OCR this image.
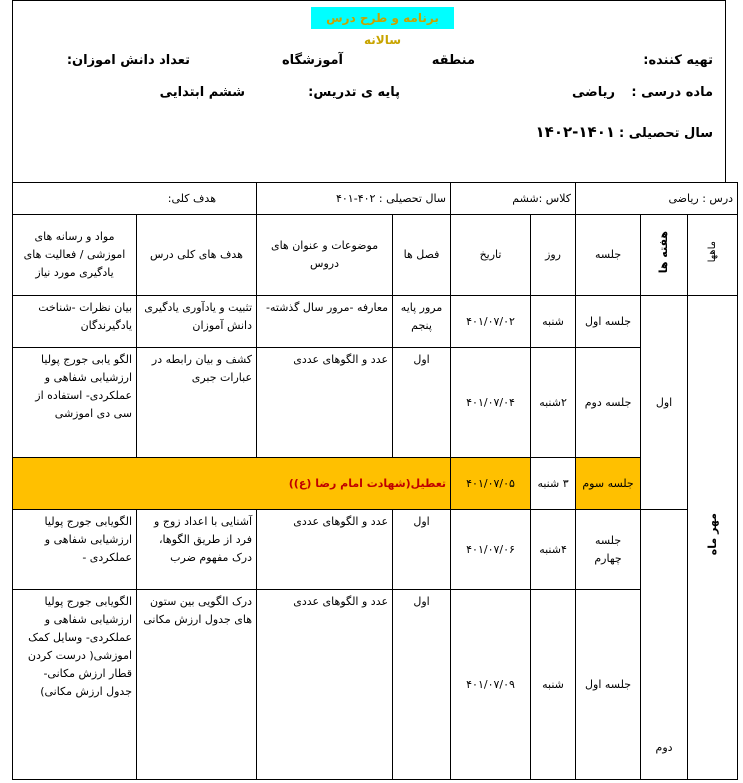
برنامه و طرح درس سالانه
تهیه کننده:
منطقه
آموزشگاه
تعداد دانش اموزان:
ماده درسی :
ریاضی
پایه ی تدریس:
ششم ابتدایی
سال تحصیلی :
۱۴۰۲-۱۴۰۱
درس : ریاضی			کلاس :ششم		سال تحصیلی : ۴۰۲-۴۰۱		هدف کلی:	
ماهها	هفته ها	جلسه	روز	تاریخ	فصل ها	موضوعات و عنوان های دروس	هدف های کلی درس	مواد و رسانه های اموزشی / فعالیت های یادگیری مورد نیاز
مهر ماه	اول	جلسه اول	شنبه	۴۰۱/۰۷/۰۲	مرور پایه پنجم	معارفه -مرور سال گذشته-	تثبیت و یادآوری یادگیری دانش آموزان	بیان نظرات -شناخت یادگیرندگان
		جلسه دوم	۲شنبه	۴۰۱/۰۷/۰۴	اول	عدد و الگوهای عددی	کشف و بیان رابطه در عبارات جبری	الگو یابی جورج پولیا ارزشیابی شفاهی و عملکردی- استفاده از سی دی اموزشی
		جلسه سوم	۳ شنبه	۴۰۱/۰۷/۰۵	تعطیل(شهادت امام رضا (ع))			
	دوم	جلسه چهارم	۴شنبه	۴۰۱/۰۷/۰۶	اول	عدد و الگوهای عددی	آشنایی با اعداد زوج و فرد از طریق الگوها، درک مفهوم ضرب	الگویابی جورج پولیا ارزشیابی شفاهی و عملکردی -
		جلسه اول	شنبه	۴۰۱/۰۷/۰۹	اول	عدد و الگوهای عددی	درک الگویی بین ستون های جدول ارزش مکانی	الگویابی جورج پولیا ارزشیابی شفاهی و عملکردی- وسایل کمک اموزشی( درست کردن قطار ارزش مکانی- جدول ارزش مکانی)
